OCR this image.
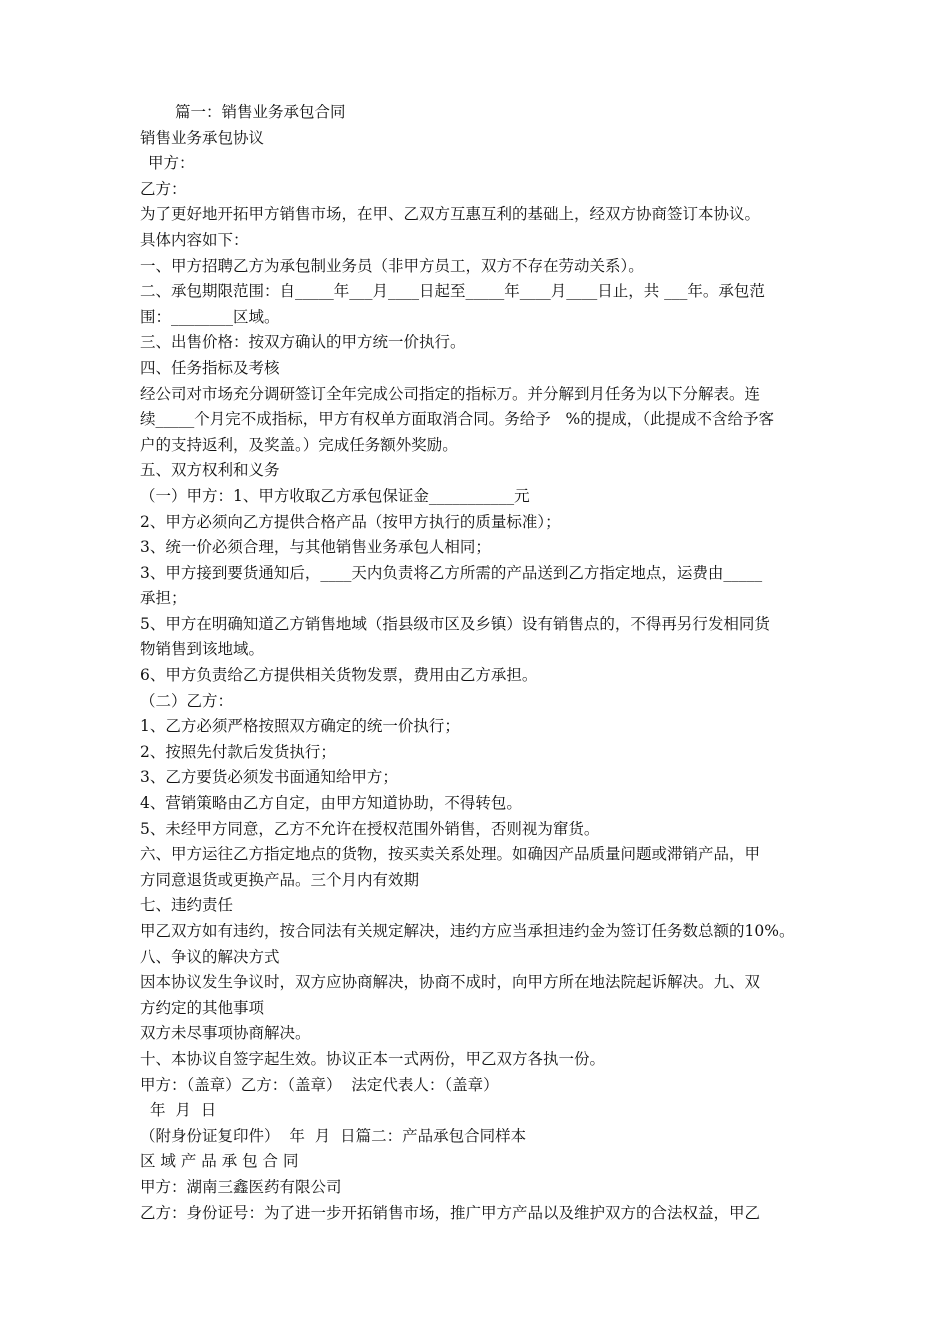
篇一：销售业务承包合同
销售业务承包协议
甲方：
乙方：
为了更好地开拓甲方销售市场，在甲、乙双方互惠互利的基础上，经双方协商签订本协议。
具体内容如下：
一、甲方招聘乙方为承包制业务员（非甲方员工，双方不存在劳动关系）。
二、承包期限范围：自_____年___月____日起至_____年____月____日止，共 ___年。承包范
围：________区域。
三、出售价格：按双方确认的甲方统一价执行。
四、任务指标及考核
经公司对市场充分调研签订全年完成公司指定的指标万。并分解到月任务为以下分解表。连
续_____个月完不成指标，甲方有权单方面取消合同。务给予   %的提成，（此提成不含给予客
户的支持返利，及奖盖。）完成任务额外奖励。
五、双方权利和义务
（一）甲方：1、甲方收取乙方承包保证金___________元
2、甲方必须向乙方提供合格产品（按甲方执行的质量标准）；
3、统一价必须合理，与其他销售业务承包人相同；
3、甲方接到要货通知后，____天内负责将乙方所需的产品送到乙方指定地点，运费由_____
承担；
5、甲方在明确知道乙方销售地域（指县级市区及乡镇）设有销售点的，不得再另行发相同货
物销售到该地域。
6、甲方负责给乙方提供相关货物发票，费用由乙方承担。
（二）乙方：
1、乙方必须严格按照双方确定的统一价执行；
2、按照先付款后发货执行；
3、乙方要货必须发书面通知给甲方；
4、营销策略由乙方自定，由甲方知道协助，不得转包。
5、未经甲方同意，乙方不允许在授权范围外销售，否则视为窜货。
六、甲方运往乙方指定地点的货物，按买卖关系处理。如确因产品质量问题或滞销产品，甲
方同意退货或更换产品。三个月内有效期
七、违约责任
甲乙双方如有违约，按合同法有关规定解决，违约方应当承担违约金为签订任务数总额的10%。
八、争议的解决方式
因本协议发生争议时，双方应协商解决，协商不成时，向甲方所在地法院起诉解决。九、双
方约定的其他事项
双方未尽事项协商解决。
十、本协议自签字起生效。协议正本一式两份，甲乙双方各执一份。
甲方：（盖章）乙方：（盖章）  法定代表人：（盖章）
年  月  日
（附身份证复印件）  年  月  日篇二：产品承包合同样本
区 域 产 品 承 包 合 同
甲方：湖南三鑫医药有限公司
乙方：身份证号：为了进一步开拓销售市场，推广甲方产品以及维护双方的合法权益，甲乙
